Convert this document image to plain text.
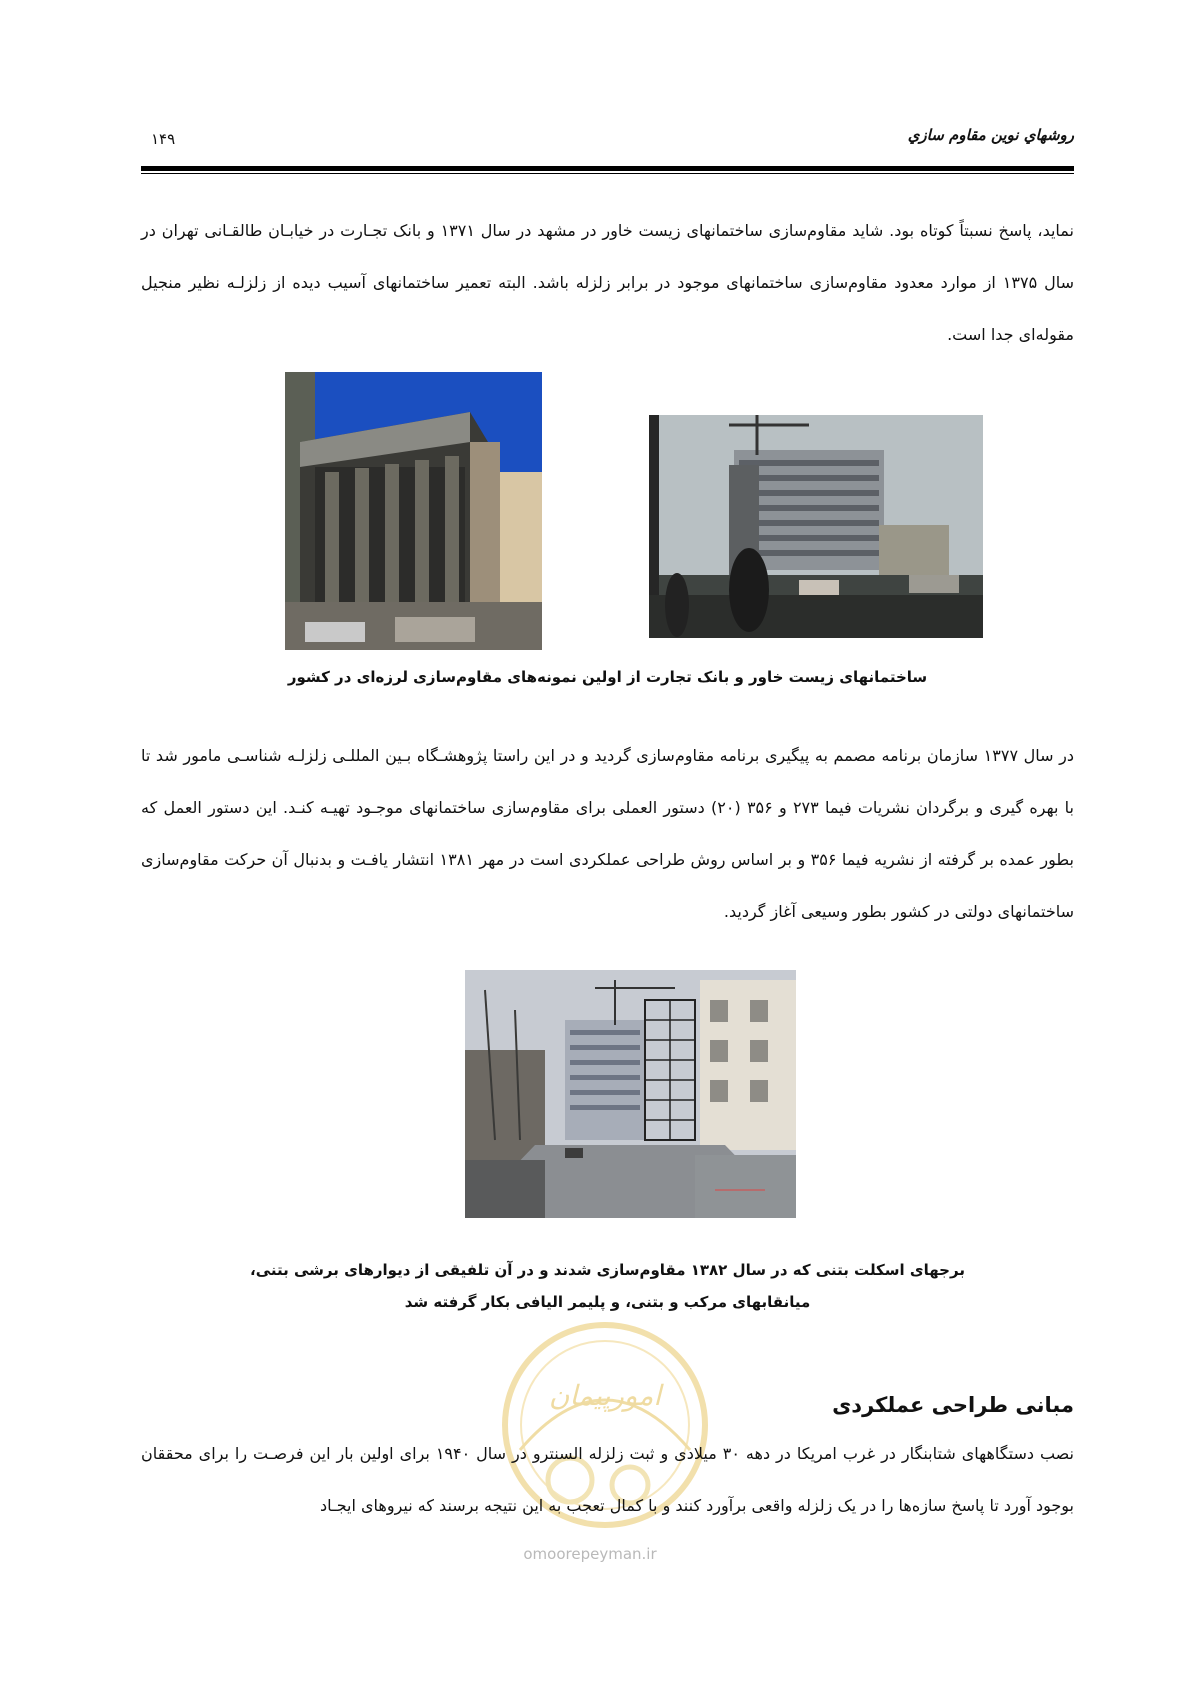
روشهاي نوين مقاوم سازي
۱۴۹

نماید، پاسخ نسبتاً کوتاه بود. شاید مقاوم‌سازی ساختمانهای زیست خاور در مشهد در سال ۱۳۷۱ و بانک تجـارت در خیابـان طالقـانی تهران در سال ۱۳۷۵ از موارد معدود مقاوم‌سازی ساختمانهای موجود در برابر زلزله باشد. البته تعمیر ساختمانهای آسیب دیده از زلزلـه نظیر منجیل مقوله‌ای جدا است.

ساختمانهای زیست خاور و بانک تجارت از اولین نمونه‌های مقاوم‌سازی لرزه‌ای در کشور

در سال ۱۳۷۷ سازمان برنامه مصمم به پیگیری برنامه مقاوم‌سازی گردید و در این راستا پژوهشـگاه بـین المللـی زلزلـه شناسـی مامور شد تا با بهره گیری و برگردان نشریات فیما ۲۷۳ و ۳۵۶ (۲۰) دستور العملی برای مقاوم‌سازی ساختمانهای موجـود تهیـه کنـد. این دستور العمل که بطور عمده بر گرفته از نشریه فیما ۳۵۶ و بر اساس روش طراحی عملکردی است در مهر ۱۳۸۱ انتشار یافـت و بدنبال آن حرکت مقاوم‌سازی ساختمانهای دولتی در کشور بطور وسیعی آغاز گردید.

برجهای اسکلت بتنی که در سال ۱۳۸۲ مقاوم‌سازی شدند و در آن تلفیقی از دیوارهای برشی بتنی،

میانقابهای مرکب و بتنی، و پلیمر الیافی بکار گرفته شد

امورپیمان
omoorepeyman.ir
مبانی طراحی عملکردی

نصب دستگاههای شتابنگار در غرب امریکا در دهه ۳۰ میلادی و ثبت زلزله السنترو در سال ۱۹۴۰ برای اولین بار این فرصـت را برای محققان بوجود آورد تا پاسخ سازه‌ها را در یک زلزله واقعی برآورد کنند و با کمال تعجب به این نتیجه برسند که نیروهای ایجـاد
